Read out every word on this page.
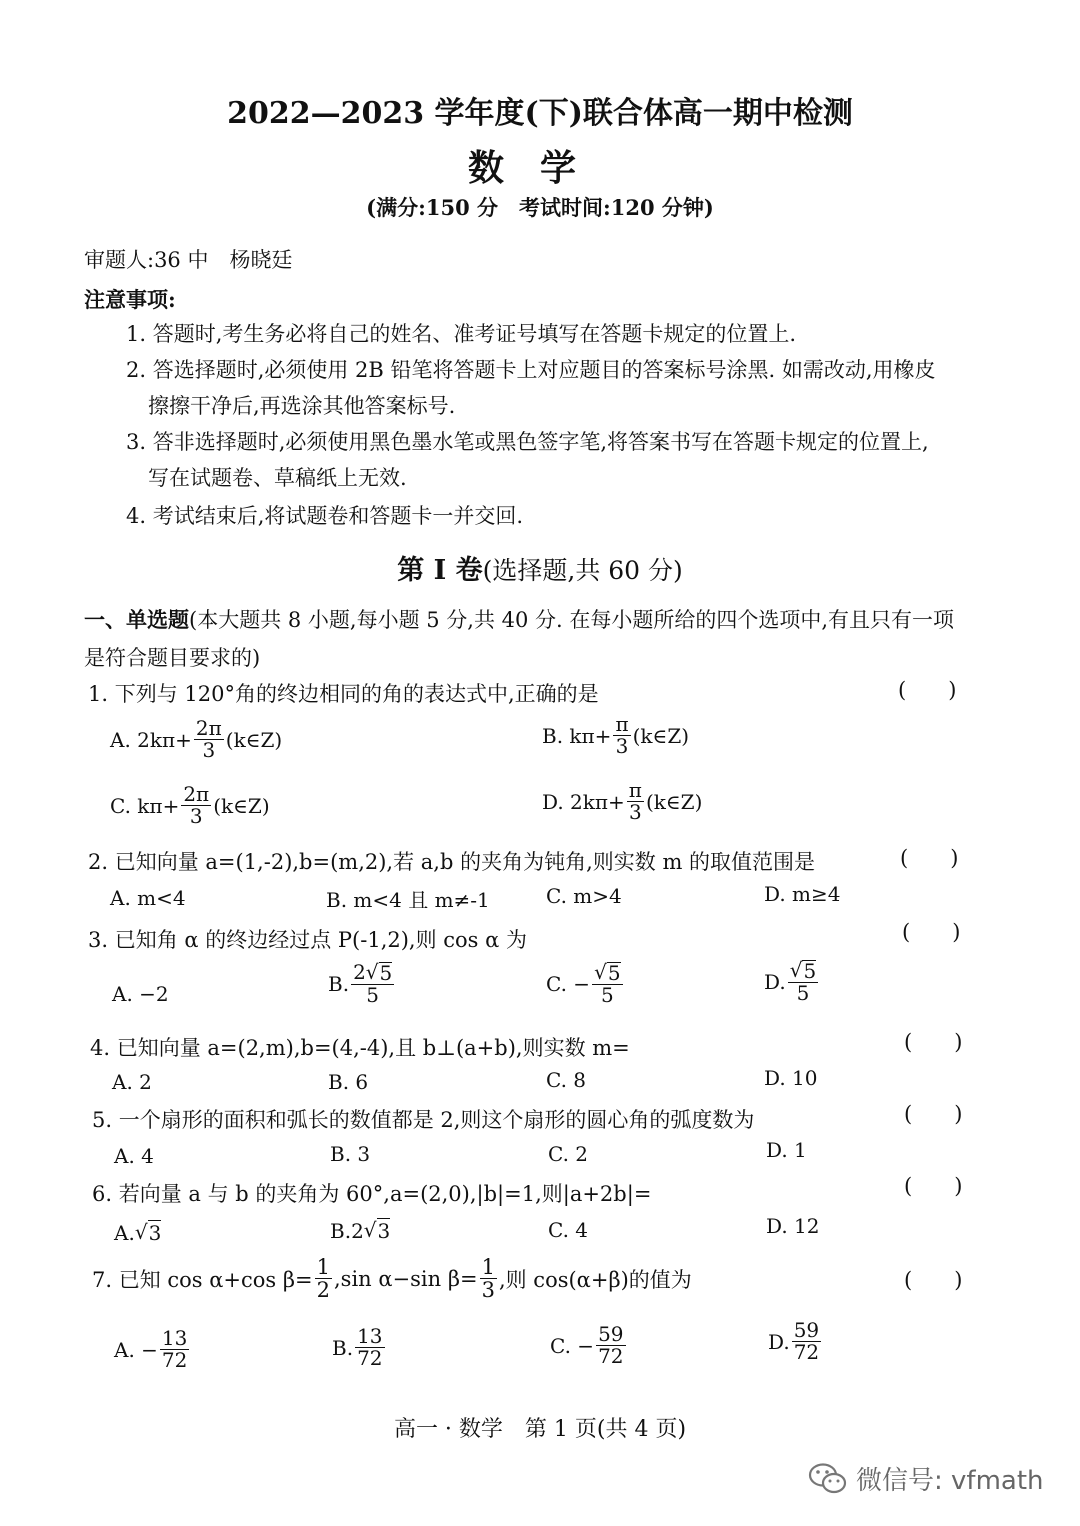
2022—2023 学年度(下)联合体高一期中检测
数学
(满分:150 分　考试时间:120 分钟)
审题人:36 中　杨晓廷
注意事项:
1. 答题时,考生务必将自己的姓名、准考证号填写在答题卡规定的位置上.
2. 答选择题时,必须使用 2B 铅笔将答题卡上对应题目的答案标号涂黑. 如需改动,用橡皮
擦擦干净后,再选涂其他答案标号.
3. 答非选择题时,必须使用黑色墨水笔或黑色签字笔,将答案书写在答题卡规定的位置上,
写在试题卷、草稿纸上无效.
4. 考试结束后,将试题卷和答题卡一并交回.
第 Ⅰ 卷(选择题,共 60 分)
一、单选题(本大题共 8 小题,每小题 5 分,共 40 分. 在每小题所给的四个选项中,有且只有一项
是符合题目要求的)
1. 下列与 120°角的终边相同的角的表达式中,正确的是	(　　)
A. $2k\pi+ \frac{2\pi}{3}$ (k∈Z)	B. $k\pi+ \frac{\pi}{3}$ (k∈Z)
C. $k\pi+ \frac{2\pi}{3}$ (k∈Z)	D. $2k\pi+ \frac{\pi}{3}$ (k∈Z)
2. 已知向量 a=(1,-2),b=(m,2),若 a,b 的夹角为钝角,则实数 m 的取值范围是	(　　)
A. m<4	B. m<4 且 m≠-1	C. m>4	D. m≥4
3. 已知角 α 的终边经过点 P(-1,2),则 cos α 为	(　　)
A. −2	B. $\frac{2 √ 5}{5}$	C. − $\frac{√ 5}{5}$	D. $\frac{√ 5}{5}$
4. 已知向量 a=(2,m),b=(4,-4),且 b⊥(a+b),则实数 m=	(　　)
A. 2	B. 6	C. 8	D. 10
5. 一个扇形的面积和弧长的数值都是 2,则这个扇形的圆心角的弧度数为	(　　)
A. 4	B. 3	C. 2	D. 1
6. 若向量 a 与 b 的夹角为 60°,a=(2,0),|b|=1,则|a+2b|=	(　　)
A. √ 3	B. 2 √ 3	C. 4	D. 12
7. 已知 cos α+cos $\beta= \frac{1}{2} ,\sin$ α−sin $\beta= \frac{1}{3}$ ,则 cos(α+β)的值为	(　　)
A. − $\frac{13}{72}$	B. $\frac{13}{72}$	C. − $\frac{59}{72}$	D. $\frac{59}{72}$
高一 · 数学　第 1 页(共 4 页)
微信号: vfmath
